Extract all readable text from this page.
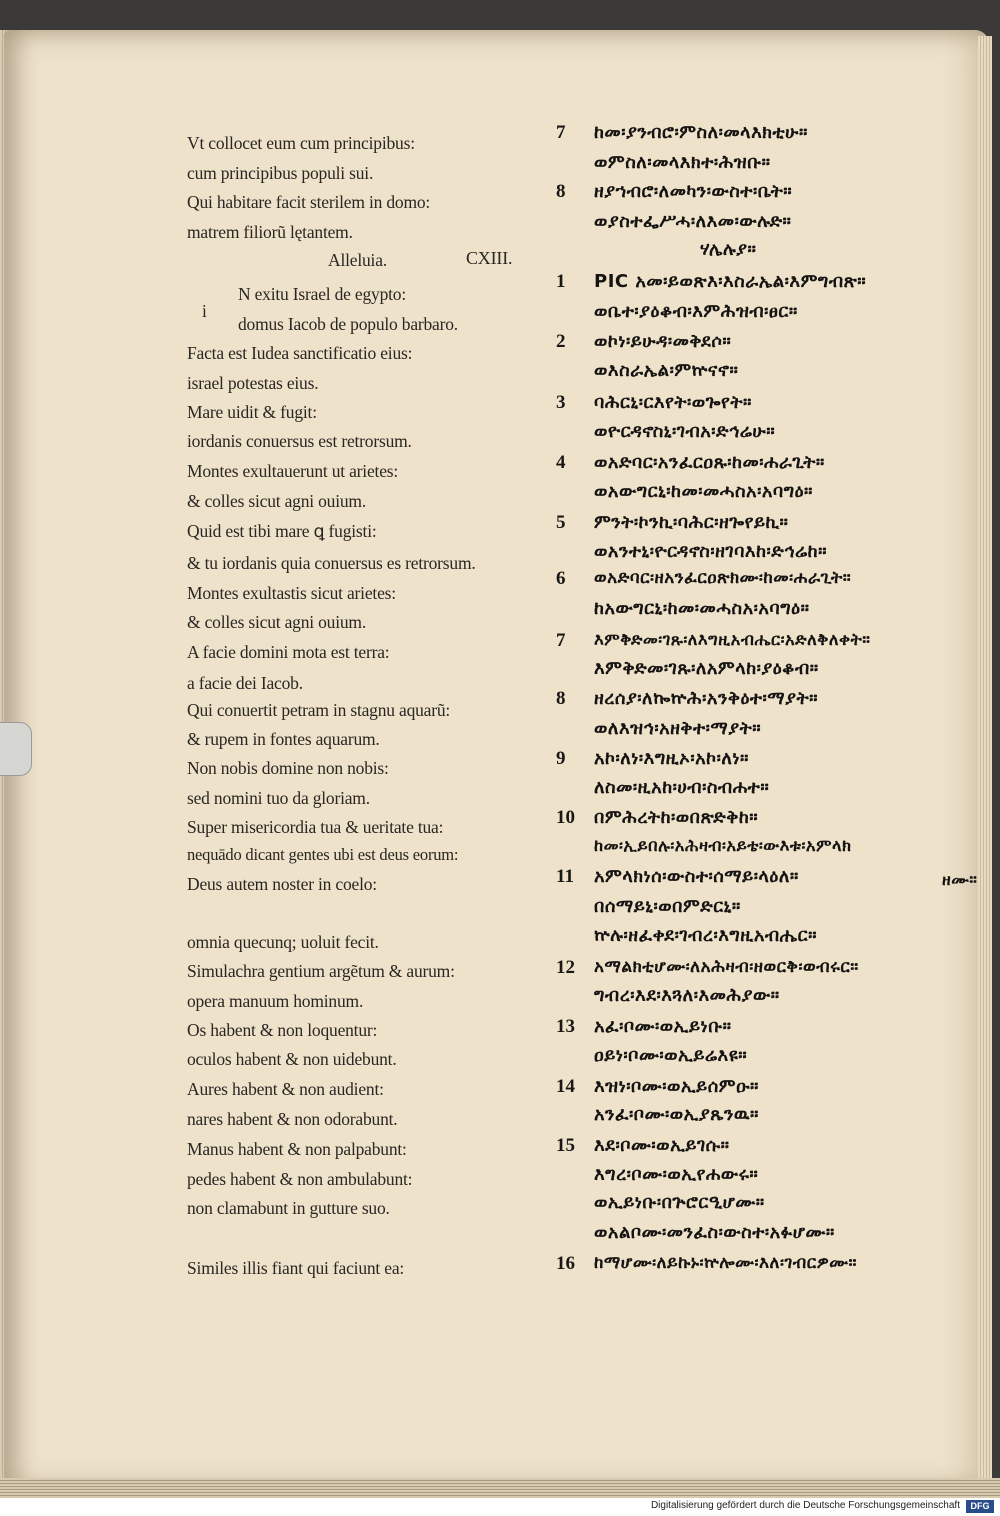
Vt collocet eum cum principibus:
cum principibus populi sui.
Qui habitare facit sterilem in domo:
matrem filiorũ lętantem.
Alleluia.	CXIII.
N exitu Israel de egypto:
i
domus Iacob de populo barbaro.
Facta est Iudea sanctificatio eius:
israel potestas eius.
Mare uidit & fugit:
iordanis conuersus est retrorsum.
Montes exultauerunt ut arietes:
& colles sicut agni ouium.
Quid est tibi mare ꝗ fugisti:
& tu iordanis quia conuersus es retrorsum.
Montes exultastis sicut arietes:
& colles sicut agni ouium.
A facie domini mota est terra:
a facie dei Iacob.
Qui conuertit petram in stagnu aquarũ:
& rupem in fontes aquarum.
Non nobis domine non nobis:
sed nomini tuo da gloriam.
Super misericordia tua & ueritate tua:
nequādo dicant gentes ubi est deus eorum:
Deus autem noster in coelo:
omnia quecunq; uoluit fecit.
Simulachra gentium argẽtum & aurum:
opera manuum hominum.
Os habent & non loquentur:
oculos habent & non uidebunt.
Aures habent & non audient:
nares habent & non odorabunt.
Manus habent & non palpabunt:
pedes habent & non ambulabunt:
non clamabunt in gutture suo.
Similes illis fiant qui faciunt ea:
7 ከመ፡ያንብሮ፡ምስለ፡መላእክቲሁ።
ወምስለ፡መላእክተ፡ሕዝቡ።
8 ዘያኀብሮ፡ለመካን፡ውስተ፡ቤት።
ወያስተፌሥሓ፡ለእመ፡ውሉድ።
ሃሌሉያ።
1 PIC አመ፡ይወጽእ፡እስራኤል፡እምግብጽ።
ወቤተ፡ያዕቆብ፡እምሕዝብ፡ፀር።
2 ወኮነ፡ይሁዳ፡መቅደሶ።
ወእስራኤል፡ምኵናኖ።
3 ባሕርኒ፡ርእየት፡ወጐየት።
ወዮርዳኖስኒ፡ገብአ፡ድኅሬሁ።
4 ወአድባር፡አንፈርዐጹ፡ከመ፡ሐራጊት።
ወአውግርኒ፡ከመ፡መሓስአ፡አባግዕ።
5 ምንት፡ኮንኪ፡ባሕር፡ዘጐየይኪ።
ወአንተኒ፡ዮርዳኖስ፡ዘገባእከ፡ድኅሬከ።
6 ወአድባር፡ዘአንፈርዐጽክሙ፡ከመ፡ሐራጊት።
ከአውግርኒ፡ከመ፡መሓስአ፡አባግዕ።
7 እምቅድመ፡ገጹ፡ለእግዚአብሔር፡አድለቅለቀት።
እምቅድመ፡ገጹ፡ለአምላከ፡ያዕቆብ።
8 ዘረሰያ፡ለኰኵሕ፡አንቅዕተ፡ማያት።
ወለእዝኅ፡አዘቅተ፡ማያት።
9 አኮ፡ለነ፡እግዚኦ፡አኮ፡ለነ።
ለስመ፡ዚአከ፡ሀብ፡ስብሐተ።
10 በምሕረትከ፡ወበጽድቅከ።
ከመ፡ኢይበሉ፡አሕዛብ፡አይቴ፡ውእቱ፡አምላክ
11 አምላክነሰ፡ውስተ፡ሰማይ፡ላዕለ።	ዘሙ።
በሰማይኒ፡ወበምድርኒ።
ኵሉ፡ዘፈቀደ፡ገብረ፡እግዚአብሔር።
12 አማልክቲሆሙ፡ለአሕዛብ፡ዘወርቅ፡ወብሩር።
ግብረ፡እደ፡እጓለ፡እመሕያው።
13 አፈ፡ቦሙ፡ወኢይነቡ።
ዐይነ፡ቦሙ፡ወኢይሬእዩ።
14 እዝነ፡ቦሙ፡ወኢይሰምዑ።
አንፈ፡ቦሙ፡ወኢያጼንዉ።
15 እደ፡ቦሙ፡ወኢይገሱ።
እግረ፡ቦሙ፡ወኢየሐውሩ።
ወኢይነቡ፡በጕሮርዒሆሙ።
ወአልቦሙ፡መንፈስ፡ውስተ፡አፉሆሙ።
16 ከማሆሙ፡ለይኩኑ፡ኵሎሙ፡እለ፡ገብርዎሙ።
Digitalisierung gefördert durch die Deutsche Forschungsgemeinschaft	DFG
